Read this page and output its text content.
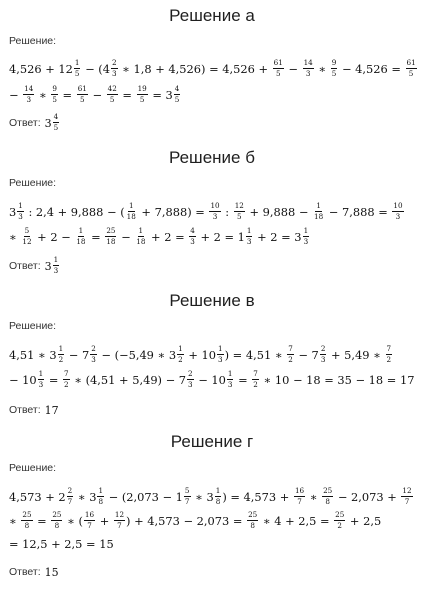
Решение а
Решение:
$4,526 + 12 \frac{1}{5} - (4 \frac{2}{3}$ ∗ $1,8 + 4,526) = 4,526 + \frac{61}{5} - \frac{14}{3}$ ∗ $\frac{9}{5} - 4,526 = \frac{61}{5}$
− $\frac{14}{3}$ ∗ $\frac{9}{5} = \frac{61}{5} - \frac{42}{5} = \frac{19}{5} = 3 \frac{4}{5}$
Ответ: $3 \frac{4}{5}$
Решение б
Решение:
$3 \frac{1}{3}$ : 2,4 + 9,888 − ( $\frac{1}{18} + 7,888) = \frac{10}{3}$ : $\frac{12}{5} + 9,888 - \frac{1}{18} - 7,888 = \frac{10}{3}$
∗ $\frac{5}{12} + 2 - \frac{1}{18} = \frac{25}{18} - \frac{1}{18} + 2 = \frac{4}{3} + 2 = 1 \frac{1}{3} + 2 = 3 \frac{1}{3}$
Ответ: $3 \frac{1}{3}$
Решение в
Решение:
4,51 ∗ $3 \frac{1}{2} - 7 \frac{2}{3} - (-5,49$ ∗ $3 \frac{1}{2} + 10 \frac{1}{3}$ ) = 4,51 ∗ $\frac{7}{2} - 7 \frac{2}{3} + 5,49$ ∗ $\frac{7}{2}$
− $10 \frac{1}{3} = \frac{7}{2}$ ∗ $(4,51 + 5,49) - 7 \frac{2}{3} - 10 \frac{1}{3} = \frac{7}{2}$ ∗ 10 − 18 = 35 − 18 = 17
Ответ: 17
Решение г
Решение:
$4,573 + 2 \frac{2}{7}$ ∗ $3 \frac{1}{8} - (2,073 - 1 \frac{5}{7}$ ∗ $3 \frac{1}{8}$ ) = $4,573 + \frac{16}{7}$ ∗ $\frac{25}{8} - 2,073 + \frac{12}{7}$
∗ $\frac{25}{8} = \frac{25}{8}$ ∗ ( $\frac{16}{7} + \frac{12}{7}$ ) + $4,573 - 2,073 = \frac{25}{8}$ ∗ $4 + 2,5 = \frac{25}{2} + 2,5$
= 12,5 + 2,5 = 15
Ответ: 15
